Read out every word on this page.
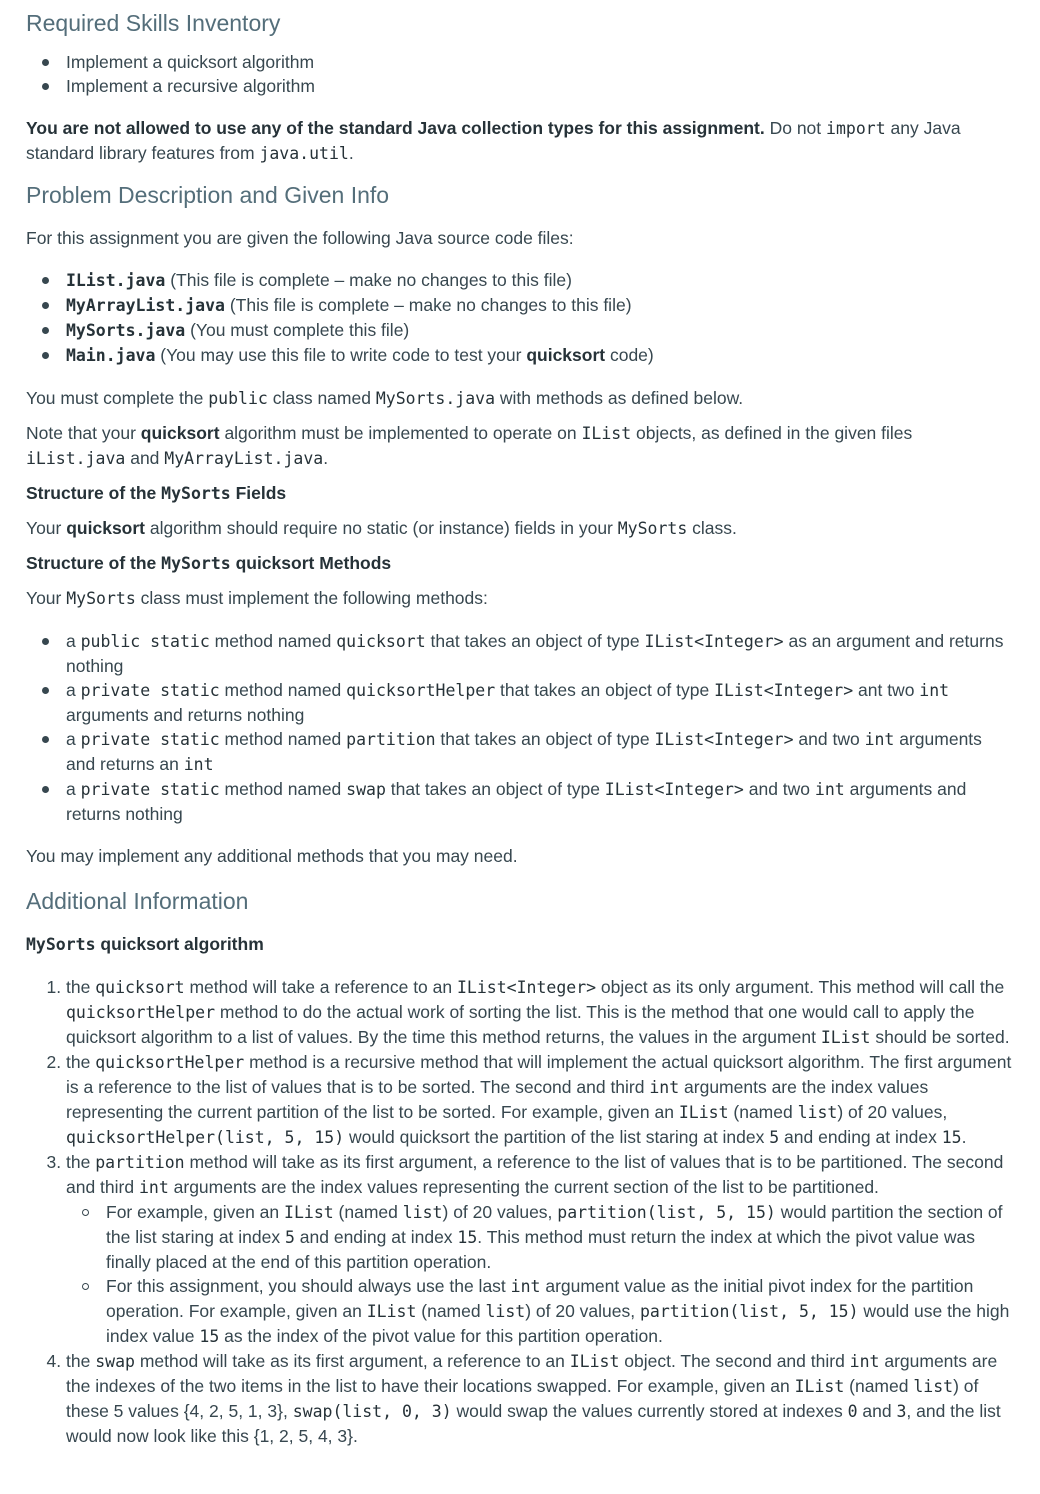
Required Skills Inventory
Implement a quicksort algorithm
Implement a recursive algorithm

You are not allowed to use any of the standard Java collection types for this assignment. Do not import any Java standard library features from java.util.

Problem Description and Given Info

For this assignment you are given the following Java source code files:

IList.java (This file is complete – make no changes to this file)
MyArrayList.java (This file is complete – make no changes to this file)
MySorts.java (You must complete this file)
Main.java (You may use this file to write code to test your quicksort code)

You must complete the public class named MySorts.java with methods as defined below.

Note that your quicksort algorithm must be implemented to operate on IList objects, as defined in the given files iList.java and MyArrayList.java.

Structure of the MySorts Fields

Your quicksort algorithm should require no static (or instance) fields in your MySorts class.

Structure of the MySorts quicksort Methods

Your MySorts class must implement the following methods:

a public static method named quicksort that takes an object of type IList<Integer> as an argument and returns nothing
a private static method named quicksortHelper that takes an object of type IList<Integer> ant two int arguments and returns nothing
a private static method named partition that takes an object of type IList<Integer> and two int arguments and returns an int
a private static method named swap that takes an object of type IList<Integer> and two int arguments and returns nothing

You may implement any additional methods that you may need.

Additional Information

MySorts quicksort algorithm

1. the quicksort method will take a reference to an IList<Integer> object as its only argument. This method will call the quicksortHelper method to do the actual work of sorting the list. This is the method that one would call to apply the quicksort algorithm to a list of values. By the time this method returns, the values in the argument IList should be sorted.
2. the quicksortHelper method is a recursive method that will implement the actual quicksort algorithm. The first argument is a reference to the list of values that is to be sorted. The second and third int arguments are the index values representing the current partition of the list to be sorted. For example, given an IList (named list) of 20 values, quicksortHelper(list, 5, 15) would quicksort the partition of the list staring at index 5 and ending at index 15.
3. the partition method will take as its first argument, a reference to the list of values that is to be partitioned. The second and third int arguments are the index values representing the current section of the list to be partitioned.
For example, given an IList (named list) of 20 values, partition(list, 5, 15) would partition the section of the list staring at index 5 and ending at index 15. This method must return the index at which the pivot value was finally placed at the end of this partition operation.
For this assignment, you should always use the last int argument value as the initial pivot index for the partition operation. For example, given an IList (named list) of 20 values, partition(list, 5, 15) would use the high index value 15 as the index of the pivot value for this partition operation.
4. the swap method will take as its first argument, a reference to an IList object. The second and third int arguments are the indexes of the two items in the list to have their locations swapped. For example, given an IList (named list) of these 5 values {4, 2, 5, 1, 3}, swap(list, 0, 3) would swap the values currently stored at indexes 0 and 3, and the list would now look like this {1, 2, 5, 4, 3}.
